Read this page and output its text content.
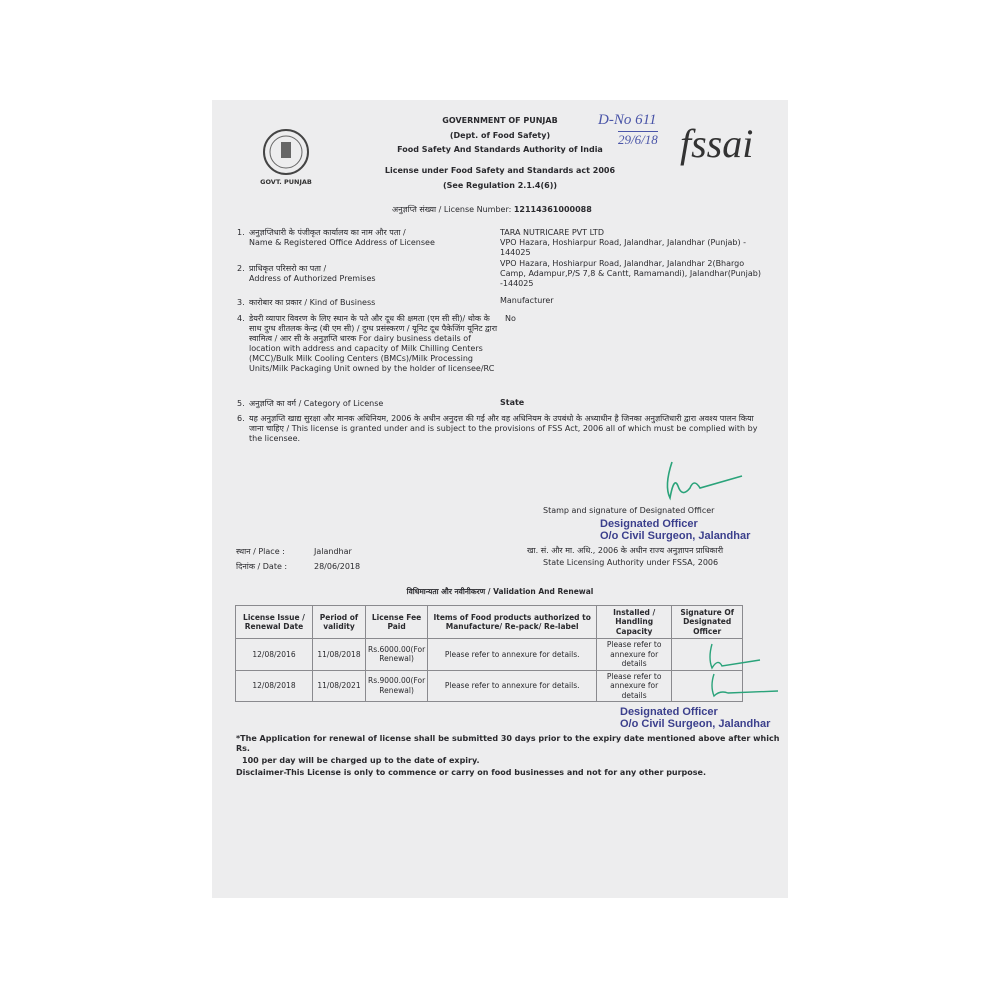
GOVT. PUNJAB
GOVERNMENT OF PUNJAB
(Dept. of Food Safety)
Food Safety And Standards Authority of India
License under Food Safety and Standards act 2006
(See Regulation 2.1.4(6))
अनुज्ञप्ति संख्या / License Number: 12114361000088
D-No 611
29/6/18 fssai
1. अनुज्ञप्तिधारी के पंजीकृत कार्यालय का नाम और पता /
Name & Registered Office Address of Licensee
TARA NUTRICARE PVT LTD
VPO Hazara, Hoshiarpur Road, Jalandhar, Jalandhar (Punjab) - 144025
2. प्राधिकृत परिसरो का पता /
Address of Authorized Premises
VPO Hazara, Hoshiarpur Road, Jalandhar, Jalandhar 2(Bhargo Camp, Adampur,P/S 7,8 & Cantt, Ramamandi), Jalandhar(Punjab) -144025
3. कारोबार का प्रकार / Kind of Business	Manufacturer
4. डेयरी व्यापार विवरण के लिए स्थान के पते और दूध की क्षमता (एम सी सी)/ थोक के साथ दुग्ध शीतलक केन्द्र (बी एम सी) / दुग्ध प्रसंस्करण / यूनिट दूध पैकेजिंग यूनिट द्वारा स्वामित्व / आर सी के अनुज्ञप्ति धारक For dairy business details of location with address and capacity of Milk Chilling Centers (MCC)/Bulk Milk Cooling Centers (BMCs)/Milk Processing Units/Milk Packaging Unit owned by the holder of licensee/RC
No
5. अनुज्ञप्ति का वर्ग / Category of License	State
6. यह अनुज्ञप्ति खाद्य सुरक्षा और मानक अधिनियम, 2006 के अधीन अनुदत्त की गई और वह अधिनियम के उपबंधो के अध्याधीन है जिनका अनुज्ञप्तिधारी द्वारा अवश्य पालन किया जाना चाहिए / This license is granted under and is subject to the provisions of FSS Act, 2006 all of which must be complied with by the licensee.
Stamp and signature of Designated Officer
Designated Officer
O/o Civil Surgeon, Jalandhar
खा. सं. और मा. अधि., 2006 के अधीन राज्य अनुज्ञापन प्राधिकारी
State Licensing Authority under FSSA, 2006
स्थान / Place :	Jalandhar
दिनांक / Date :	28/06/2018
विधिमान्यता और नवीनीकरण / Validation And Renewal
License Issue / Renewal Date	Period of validity	License Fee Paid	Items of Food products authorized to Manufacture/ Re-pack/ Re-label	Installed / Handling Capacity	Signature Of Designated Officer
12/08/2016	11/08/2018	Rs.6000.00(For Renewal)	Please refer to annexure for details.	Please refer to annexure for details	
12/08/2018	11/08/2021	Rs.9000.00(For Renewal)	Please refer to annexure for details.	Please refer to annexure for details	
Designated Officer
O/o Civil Surgeon, Jalandhar
*The Application for renewal of license shall be submitted 30 days prior to the expiry date mentioned above after which Rs.
100 per day will be charged up to the date of expiry.
Disclaimer-This License is only to commence or carry on food businesses and not for any other purpose.
